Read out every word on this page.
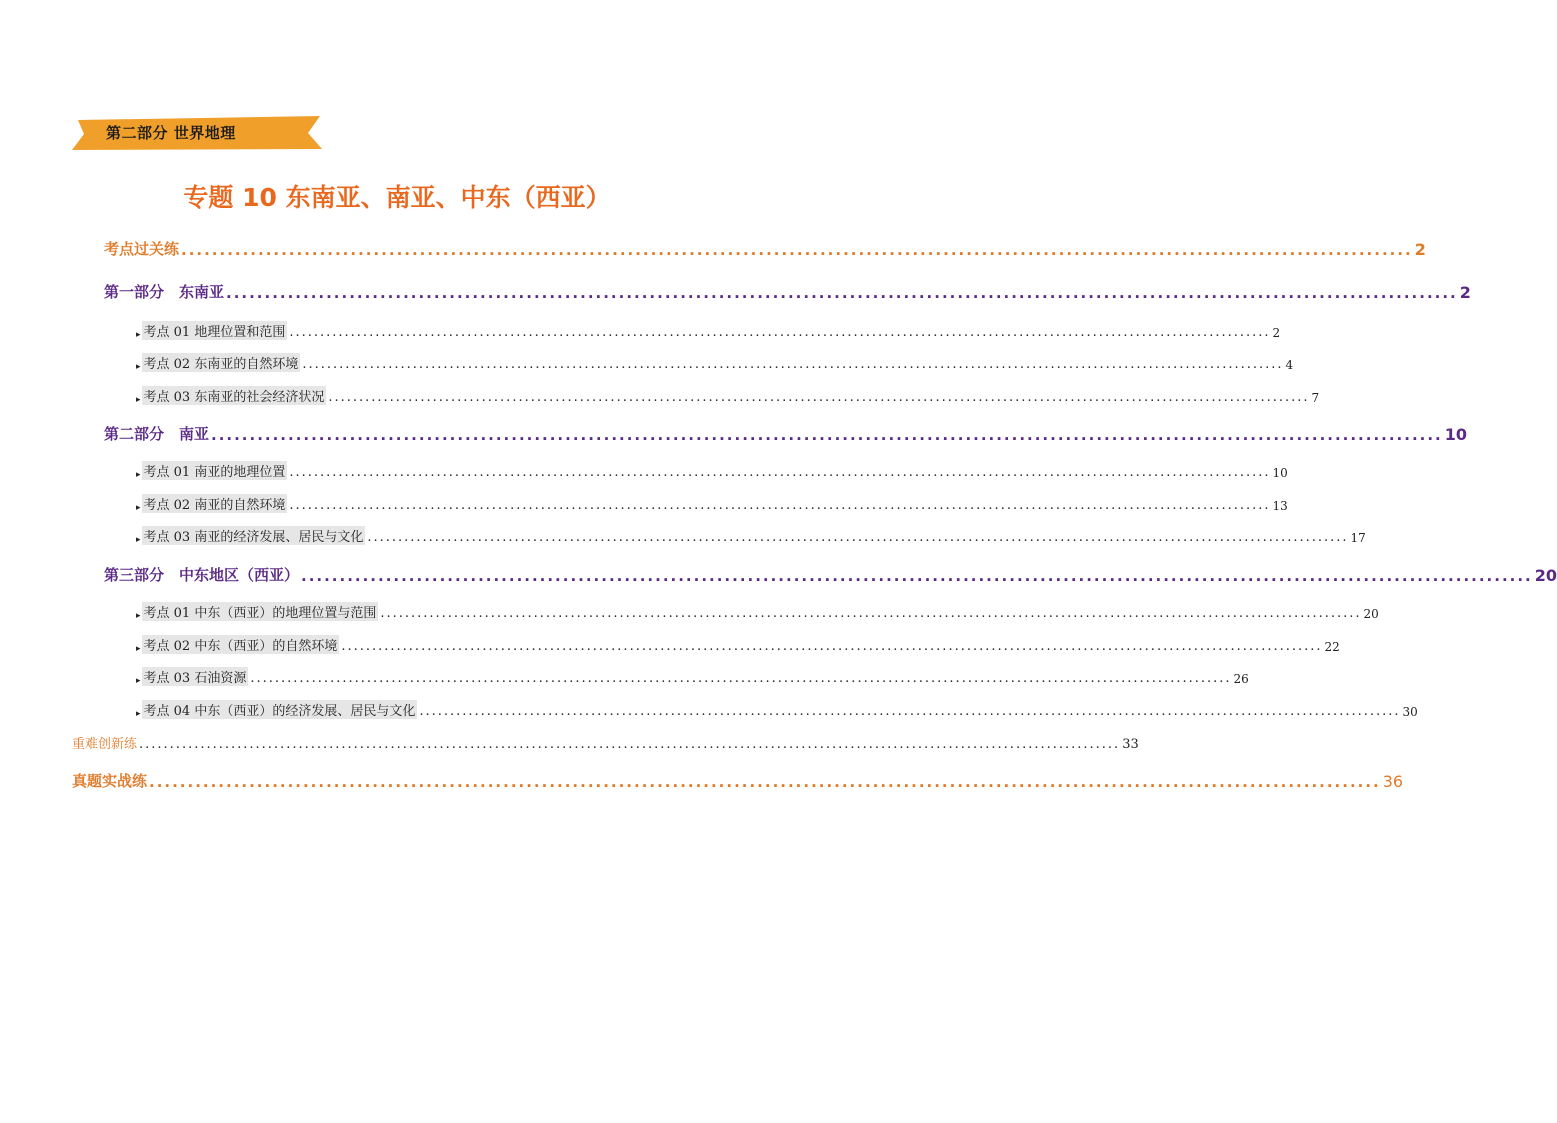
第二部分 世界地理
专题 10 东南亚、南亚、中东（西亚）
考点过关练 ................................................................................................................................................................ 2
第一部分　东南亚 ................................................................................................................................................................ 2
▸ 考点 01 地理位置和范围 ................................................................................................................................................................ 2
▸ 考点 02 东南亚的自然环境 ................................................................................................................................................................ 4
▸ 考点 03 东南亚的社会经济状况 ................................................................................................................................................................ 7
第二部分　南亚 ................................................................................................................................................................ 10
▸ 考点 01 南亚的地理位置 ................................................................................................................................................................ 10
▸ 考点 02 南亚的自然环境 ................................................................................................................................................................ 13
▸ 考点 03 南亚的经济发展、居民与文化 ................................................................................................................................................................ 17
第三部分　中东地区（西亚） ................................................................................................................................................................ 20
▸ 考点 01 中东（西亚）的地理位置与范围 ................................................................................................................................................................ 20
▸ 考点 02 中东（西亚）的自然环境 ................................................................................................................................................................ 22
▸ 考点 03 石油资源 ................................................................................................................................................................ 26
▸ 考点 04 中东（西亚）的经济发展、居民与文化 ................................................................................................................................................................ 30
重难创新练 ................................................................................................................................................................ 33
真题实战练 ................................................................................................................................................................ 36
